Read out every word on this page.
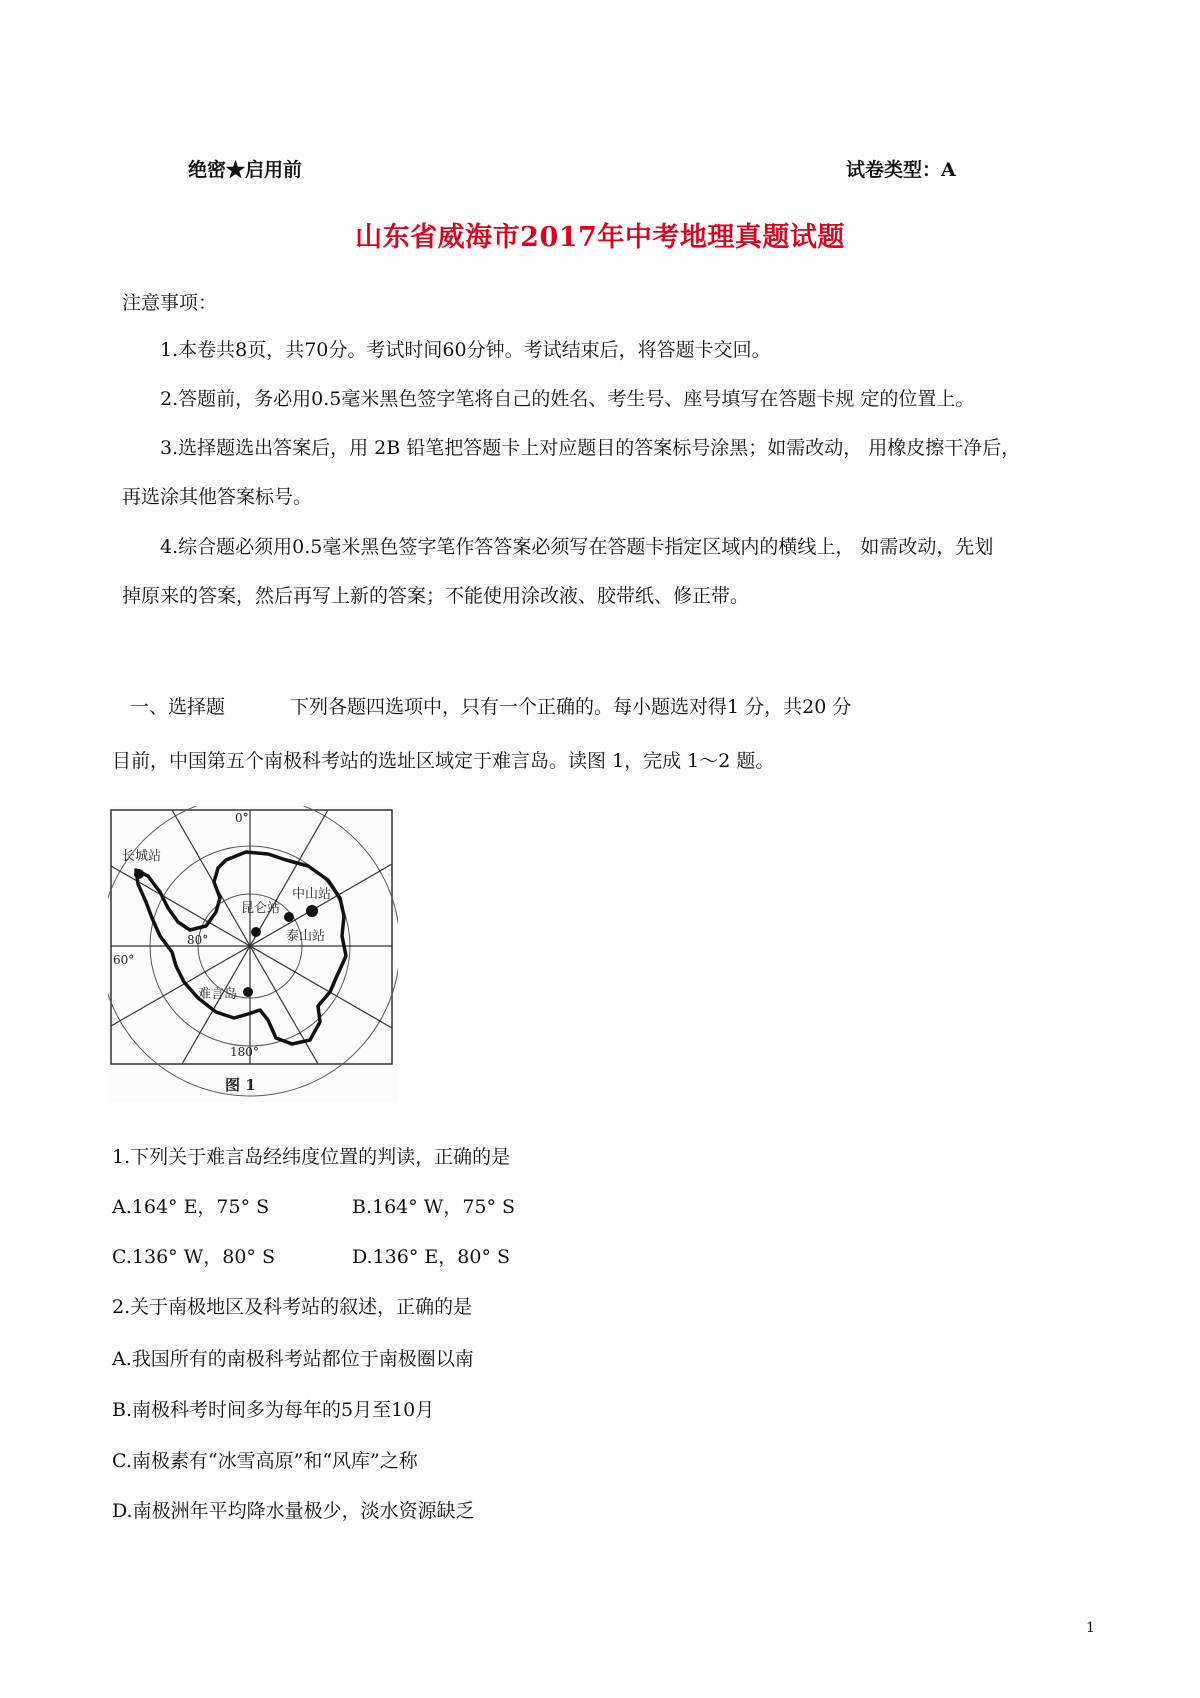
绝密★启用前	试卷类型：A
山东省威海市2017年中考地理真题试题
注意事项：
1.本卷共8页，共70分。考试时间60分钟。考试结束后，将答题卡交回。
2.答题前，务必用0.5毫米黑色签字笔将自己的姓名、考生号、座号填写在答题卡规 定的位置上。
3.选择题选出答案后，用 2B 铅笔把答题卡上对应题目的答案标号涂黑；如需改动， 用橡皮擦干净后，
再选涂其他答案标号。
4.综合题必须用0.5毫米黑色签字笔作答答案必须写在答题卡指定区域内的横线上， 如需改动，先划
掉原来的答案，然后再写上新的答案；不能使用涂改液、胶带纸、修正带。
一、选择题	下列各题四选项中，只有一个正确的。每小题选对得1 分，共20 分
目前，中国第五个南极科考站的选址区域定于难言岛。读图 1，完成 1～2 题。
0°
180°
80°
60°
长城站
昆仑站
中山站
泰山站
难言岛
图 1
1.下列关于难言岛经纬度位置的判读，正确的是
A.164° E，75° S	B.164° W，75° S
C.136° W，80° S	D.136° E，80° S
2.关于南极地区及科考站的叙述，正确的是
A.我国所有的南极科考站都位于南极圈以南
B.南极科考时间多为每年的5月至10月
C.南极素有“冰雪高原”和“风库”之称
D.南极洲年平均降水量极少，淡水资源缺乏
1
